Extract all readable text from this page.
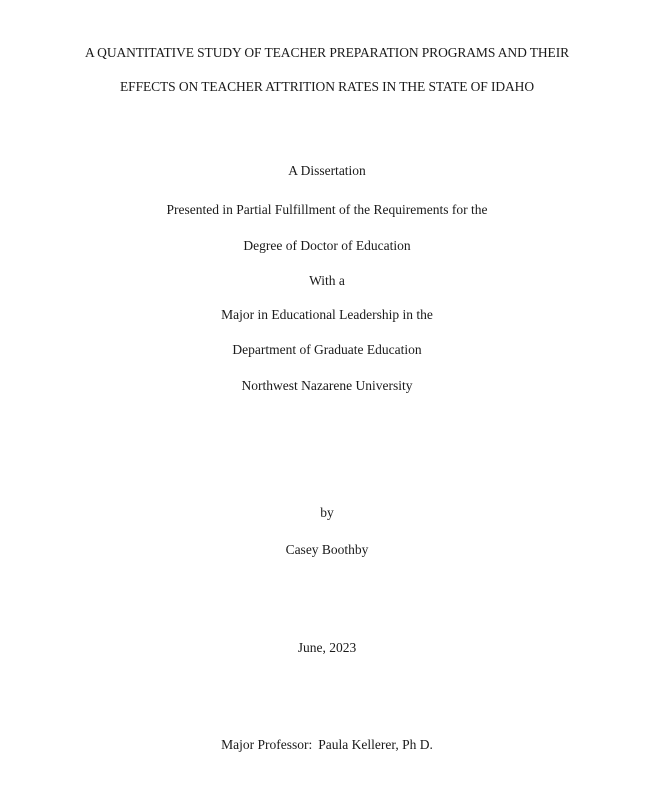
A QUANTITATIVE STUDY OF TEACHER PREPARATION PROGRAMS AND THEIR
EFFECTS ON TEACHER ATTRITION RATES IN THE STATE OF IDAHO
A Dissertation
Presented in Partial Fulfillment of the Requirements for the
Degree of Doctor of Education
With a
Major in Educational Leadership in the
Department of Graduate Education
Northwest Nazarene University
by
Casey Boothby
June, 2023
Major Professor: Paula Kellerer, Ph D.
